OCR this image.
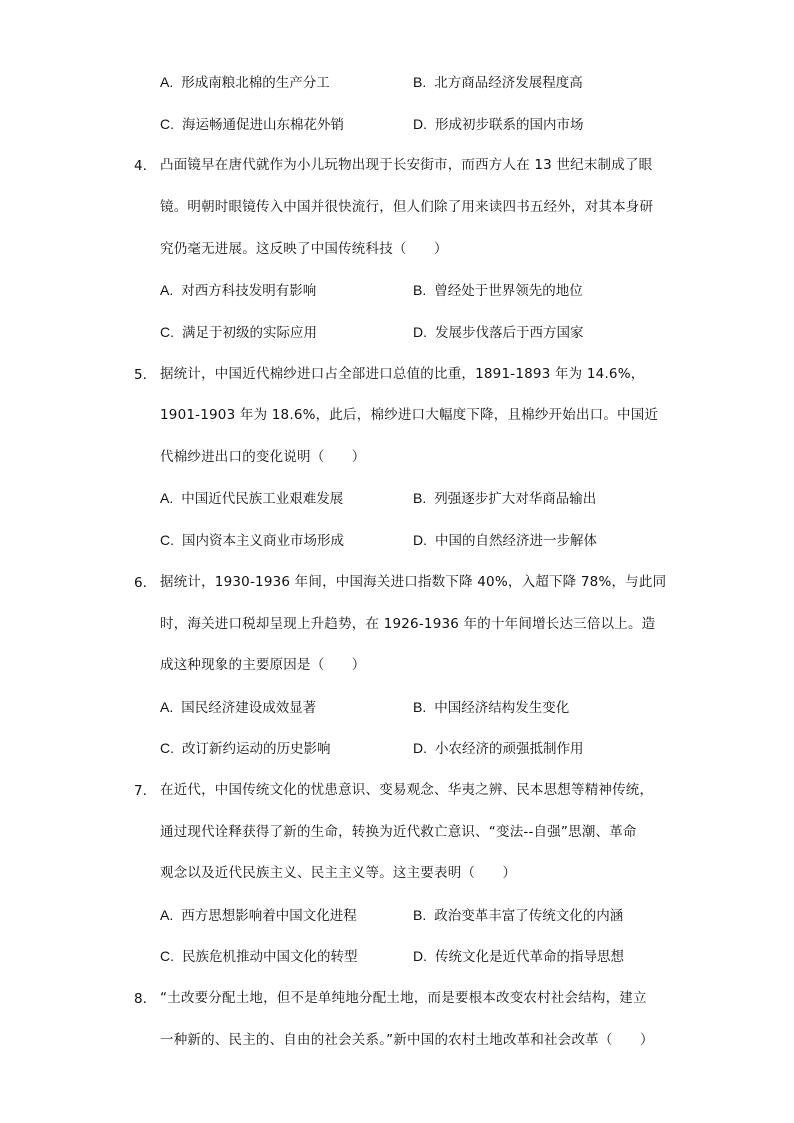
A. 形成南粮北棉的生产分工	B. 北方商品经济发展程度高
C. 海运畅通促进山东棉花外销	D. 形成初步联系的国内市场
4. 凸面镜早在唐代就作为小儿玩物出现于长安街市，而西方人在 13 世纪末制成了眼
镜。明朝时眼镜传入中国并很快流行，但人们除了用来读四书五经外，对其本身研
究仍毫无进展。这反映了中国传统科技（　　）
A. 对西方科技发明有影响	B. 曾经处于世界领先的地位
C. 满足于初级的实际应用	D. 发展步伐落后于西方国家
5. 据统计，中国近代棉纱进口占全部进口总值的比重，1891-1893 年为 14.6%，
1901-1903 年为 18.6%，此后，棉纱进口大幅度下降，且棉纱开始出口。中国近
代棉纱进出口的变化说明（　　）
A. 中国近代民族工业艰难发展	B. 列强逐步扩大对华商品输出
C. 国内资本主义商业市场形成	D. 中国的自然经济进一步解体
6. 据统计，1930-1936 年间，中国海关进口指数下降 40%，入超下降 78%，与此同
时，海关进口税却呈现上升趋势，在 1926-1936 年的十年间增长达三倍以上。造
成这种现象的主要原因是（　　）
A. 国民经济建设成效显著	B. 中国经济结构发生变化
C. 改订新约运动的历史影响	D. 小农经济的顽强抵制作用
7. 在近代，中国传统文化的忧患意识、变易观念、华夷之辨、民本思想等精神传统，
通过现代诠释获得了新的生命，转换为近代救亡意识、“变法--自强”思潮、革命
观念以及近代民族主义、民主主义等。这主要表明（　　）
A. 西方思想影响着中国文化进程	B. 政治变革丰富了传统文化的内涵
C. 民族危机推动中国文化的转型	D. 传统文化是近代革命的指导思想
8. “土改要分配土地，但不是单纯地分配土地，而是要根本改变农村社会结构，建立
一种新的、民主的、自由的社会关系。”新中国的农村土地改革和社会改革（　　）
